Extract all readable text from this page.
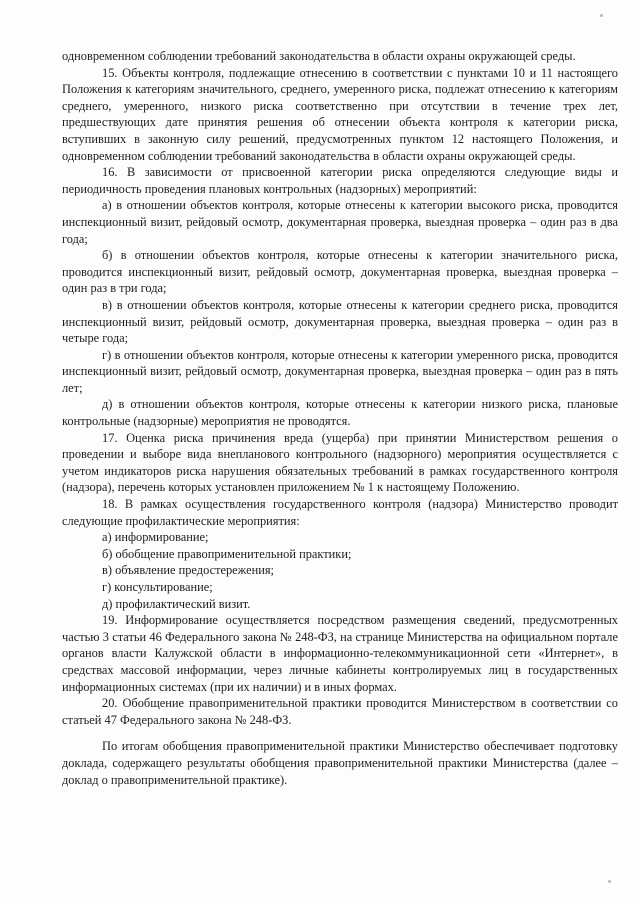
одновременном соблюдении требований законодательства в области охраны окружающей среды.

15. Объекты контроля, подлежащие отнесению в соответствии с пунктами 10 и 11 настоящего Положения к категориям значительного, среднего, умеренного риска, подлежат отнесению к категориям среднего, умеренного, низкого риска соответственно при отсутствии в течение трех лет, предшествующих дате принятия решения об отнесении объекта контроля к категории риска, вступивших в законную силу решений, предусмотренных пунктом 12 настоящего Положения, и одновременном соблюдении требований законодательства в области охраны окружающей среды.

16. В зависимости от присвоенной категории риска определяются следующие виды и периодичность проведения плановых контрольных (надзорных) мероприятий:

а) в отношении объектов контроля, которые отнесены к категории высокого риска, проводится инспекционный визит, рейдовый осмотр, документарная проверка, выездная проверка – один раз в два года;

б) в отношении объектов контроля, которые отнесены к категории значительного риска, проводится инспекционный визит, рейдовый осмотр, документарная проверка, выездная проверка – один раз в три года;

в) в отношении объектов контроля, которые отнесены к категории среднего риска, проводится инспекционный визит, рейдовый осмотр, документарная проверка, выездная проверка – один раз в четыре года;

г) в отношении объектов контроля, которые отнесены к категории умеренного риска, проводится инспекционный визит, рейдовый осмотр, документарная проверка, выездная проверка – один раз в пять лет;

д) в отношении объектов контроля, которые отнесены к категории низкого риска, плановые контрольные (надзорные) мероприятия не проводятся.

17. Оценка риска причинения вреда (ущерба) при принятии Министерством решения о проведении и выборе вида внепланового контрольного (надзорного) мероприятия осуществляется с учетом индикаторов риска нарушения обязательных требований в рамках государственного контроля (надзора), перечень которых установлен приложением № 1 к настоящему Положению.

18. В рамках осуществления государственного контроля (надзора) Министерство проводит следующие профилактические мероприятия:

а) информирование;

б) обобщение правоприменительной практики;

в) объявление предостережения;

г) консультирование;

д) профилактический визит.

19. Информирование осуществляется посредством размещения сведений, предусмотренных частью 3 статьи 46 Федерального закона № 248-ФЗ, на странице Министерства на официальном портале органов власти Калужской области в информационно-телекоммуникационной сети «Интернет», в средствах массовой информации, через личные кабинеты контролируемых лиц в государственных информационных системах (при их наличии) и в иных формах.

20. Обобщение правоприменительной практики проводится Министерством в соответствии со статьей 47 Федерального закона № 248-ФЗ.

По итогам обобщения правоприменительной практики Министерство обеспечивает подготовку доклада, содержащего результаты обобщения правоприменительной практики Министерства (далее – доклад о правоприменительной практике).
